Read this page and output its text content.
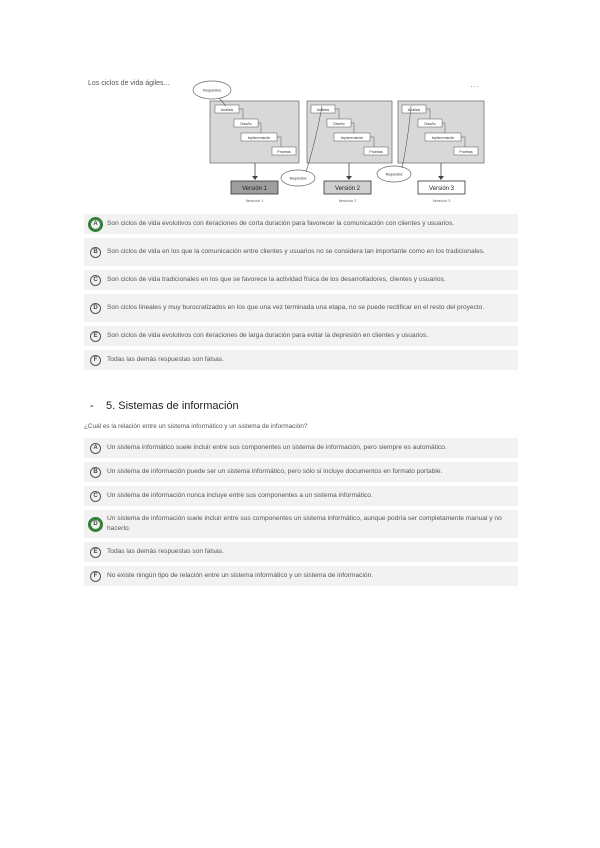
Los ciclos de vida ágiles...	...
Análisis
Diseño
Implementación
Pruebas
Análisis
Diseño
Implementación
Pruebas
Análisis
Diseño
Implementación
Pruebas
Requisitos
Requisitos
Requisitos
Versión 1	Versión 2	Versión 3
Iteración 1	Iteración 2	Iteración 3
A	Son ciclos de vida evolutivos con iteraciones de corta duración para favorecer la comunicación con clientes y usuarios.
B	Son ciclos de vida en los que la comunicación entre clientes y usuarios no se considera tan importante como en los tradicionales.
C	Son ciclos de vida tradicionales en los que se favorece la actividad física de los desarrolladores, clientes y usuarios.
D	Son ciclos lineales y muy burocratizados en los que una vez terminada una etapa, no se puede rectificar en el resto del proyecto.
E	Son ciclos de vida evolutivos con iteraciones de larga duración para evitar la depresión en clientes y usuarios.
F	Todas las demás respuestas son falsas.
- 5. Sistemas de información
¿Cuál es la relación entre un sistema informático y un sistema de información?
A	Un sistema informático suele incluir entre sus componentes un sistema de información, pero siempre es automático.
B	Un sistema de información puede ser un sistema informático, pero sólo si incluye documentos en formato portable.
C	Un sistema de información nunca incluye entre sus componentes a un sistema informático.
D
Un sistema de información suele incluir entre sus componentes un sistema informático, aunque podría ser completamente manual y no hacerlo.
E	Todas las demás respuestas son falsas.
F	No existe ningún tipo de relación entre un sistema informático y un sistema de información.
